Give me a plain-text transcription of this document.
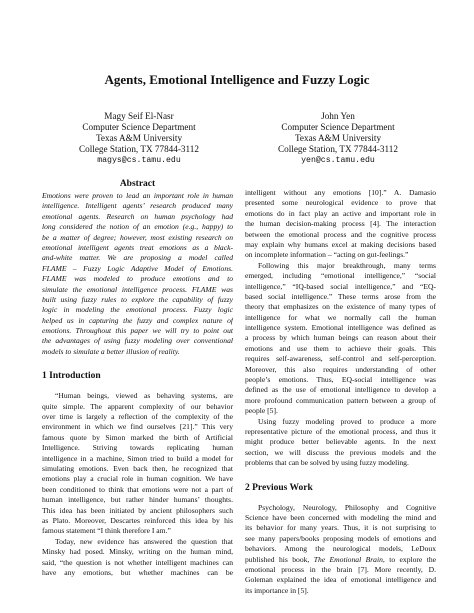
Agents, Emotional Intelligence and Fuzzy Logic
Magy Seif El-Nasr
Computer Science Department
Texas A&M University
College Station, TX 77844-3112
magys@cs.tamu.edu
John Yen
Computer Science Department
Texas A&M University
College Station, TX 77844-3112
yen@cs.tamu.edu
Abstract
Emotions were proven to lead an important role in human
intelligence. Intelligent agents’ research produced many
emotional agents. Research on human psychology had
long considered the notion of an emotion (e.g., happy) to
be a matter of degree; however, most existing research on
emotional intelligent agents treat emotions as a black-
and-white matter. We are proposing a model called
FLAME – Fuzzy Logic Adaptive Model of Emotions.
FLAME was modeled to produce emotions and to
simulate the emotional intelligence process. FLAME was
built using fuzzy rules to explore the capability of fuzzy
logic in modeling the emotional process. Fuzzy logic
helped us in capturing the fuzzy and complex nature of
emotions. Throughout this paper we will try to point out
the advantages of using fuzzy modeling over conventional
models to simulate a better illusion of reality.
1 Introduction
“Human beings, viewed as behaving systems, are
quite simple. The apparent complexity of our behavior
over time is largely a reflection of the complexity of the
environment in which we find ourselves [21].” This very
famous quote by Simon marked the birth of Artificial
Intelligence. Striving towards replicating human
intelligence in a machine, Simon tried to build a model for
simulating emotions. Even back then, he recognized that
emotions play a crucial role in human cognition. We have
been conditioned to think that emotions were not a part of
human intelligence, but rather hinder humans’ thoughts.
This idea has been initiated by ancient philosophers such
as Plato. Moreover, Descartes reinforced this idea by his
famous statement “I think therefore I am.”
Today, new evidence has answered the question that
Minsky had posed. Minsky, writing on the human mind,
said, “the question is not whether intelligent machines can
have any emotions, but whether machines can be
intelligent without any emotions [10].” A. Damasio
presented some neurological evidence to prove that
emotions do in fact play an active and important role in
the human decision-making process [4]. The interaction
between the emotional process and the cognitive process
may explain why humans excel at making decisions based
on incomplete information – “acting on gut-feelings.”
Following this major breakthrough, many terms
emerged, including “emotional intelligence,” “social
intelligence,” “IQ-based social intelligence,” and “EQ-
based social intelligence.” These terms arose from the
theory that emphasizes on the existence of many types of
intelligence for what we normally call the human
intelligence system. Emotional intelligence was defined as
a process by which human beings can reason about their
emotions and use them to achieve their goals. This
requires self-awareness, self-control and self-perception.
Moreover, this also requires understanding of other
people’s emotions. Thus, EQ-social intelligence was
defined as the use of emotional intelligence to develop a
more profound communication pattern between a group of
people [5].
Using fuzzy modeling proved to produce a more
representative picture of the emotional process, and thus it
might produce better believable agents. In the next
section, we will discuss the previous models and the
problems that can be solved by using fuzzy modeling.
2 Previous Work
Psychology, Neurology, Philosophy and Cognitive
Science have been concerned with modeling the mind and
its behavior for many years. Thus, it is not surprising to
see many papers/books proposing models of emotions and
behaviors. Among the neurological models, LeDoux
published his book, The Emotional Brain, to explore the
emotional process in the brain [7]. More recently, D.
Goleman explained the idea of emotional intelligence and
its importance in [5].
